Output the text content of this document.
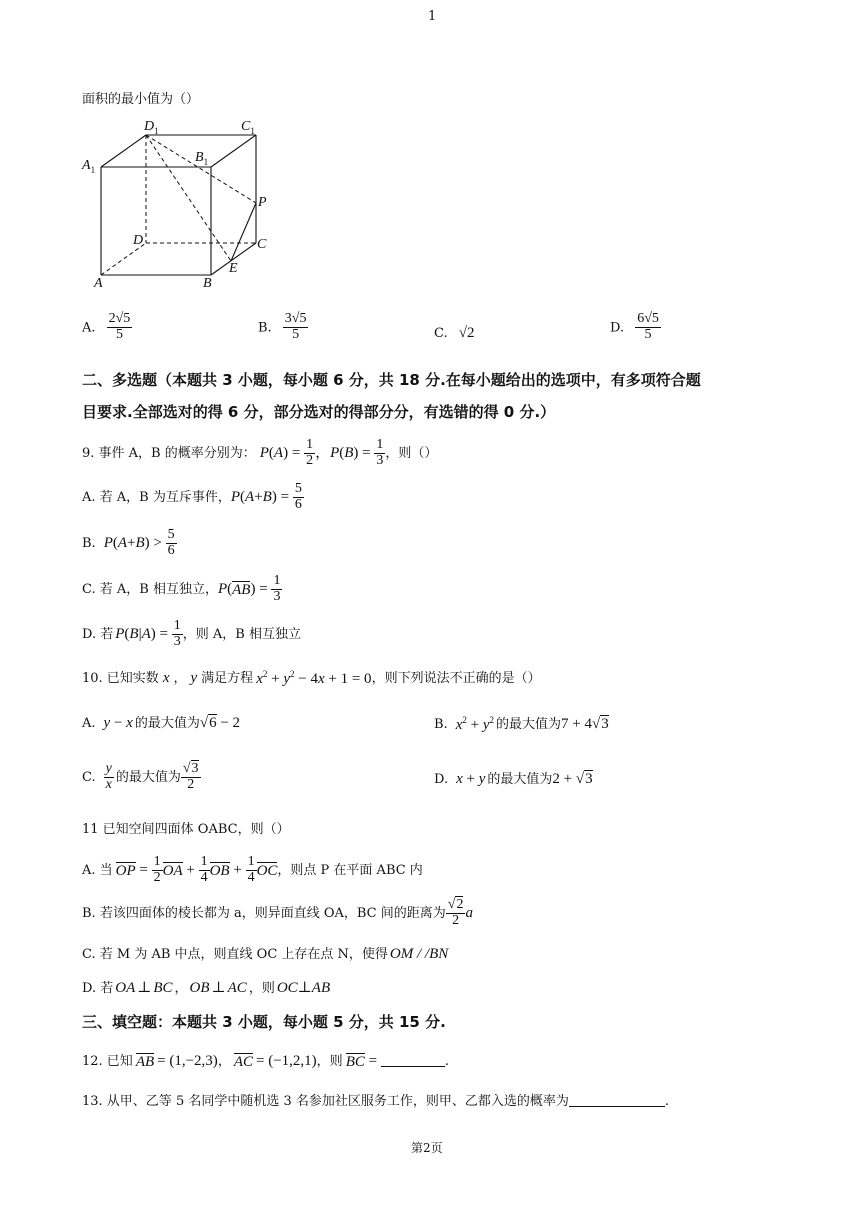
1
面积的最小值为（）
$D_1$	$C_1$
$A_1$
$B_1$
P
D	C
E
A	B
A. $\frac{2√5}{5}$	B. $\frac{3√5}{5}$	C. √2	D. $\frac{6√5}{5}$
二、多选题（本题共 3 小题，每小题 6 分，共 18 分.在每小题给出的选项中，有多项符合题
目要求.全部选对的得 6 分，部分选对的得部分分，有选错的得 0 分.）
9. 事件 A，B 的概率分别为： P ( A ) = $\frac{1}{2}$ ， P ( B ) = $\frac{1}{3}$ ，则（）
A. 若 A，B 为互斥事件， P ( A + B ) = $\frac{5}{6}$
B. P ( A + B ) > $\frac{5}{6}$
C. 若 A，B 相互独立， P ( AB ) = $\frac{1}{3}$
D. 若 P ( B | A ) = $\frac{1}{3}$ ，则 A，B 相互独立
10. 已知实数 x ， y 满足方程 $x^2 + y^2 - 4x + 1 = 0$ ，则下列说法不正确的是（）
A. y − x 的最大值为 √6 − 2	B. $x^2 + y^2$ 的最大值为 7 + 4√3
C. $\frac{y}{x}$ 的最大值为 $\frac{√3}{2}$	D. x + y 的最大值为 2 + √3
11 已知空间四面体 OABC，则（）
A. 当 OP = $\frac{1}{2}$ OA + $\frac{1}{4}$ OB + $\frac{1}{4}$ OC ，则点 P 在平面 ABC 内
B. 若该四面体的棱长都为 a，则异面直线 OA，BC 间的距离为 $\frac{√2}{2}$ a
C. 若 M 为 AB 中点，则直线 OC 上存在点 N，使得 OM / /BN
D. 若 OA ⊥ BC ， OB ⊥ AC ，则 OC ⊥ AB
三、填空题：本题共 3 小题，每小题 5 分，共 15 分.
12. 已知 AB = (1,−2,3) ， AC = (−1,2,1) ，则 BC =	.
13. 从甲、乙等 5 名同学中随机选 3 名参加社区服务工作，则甲、乙都入选的概率为	.
第2页
